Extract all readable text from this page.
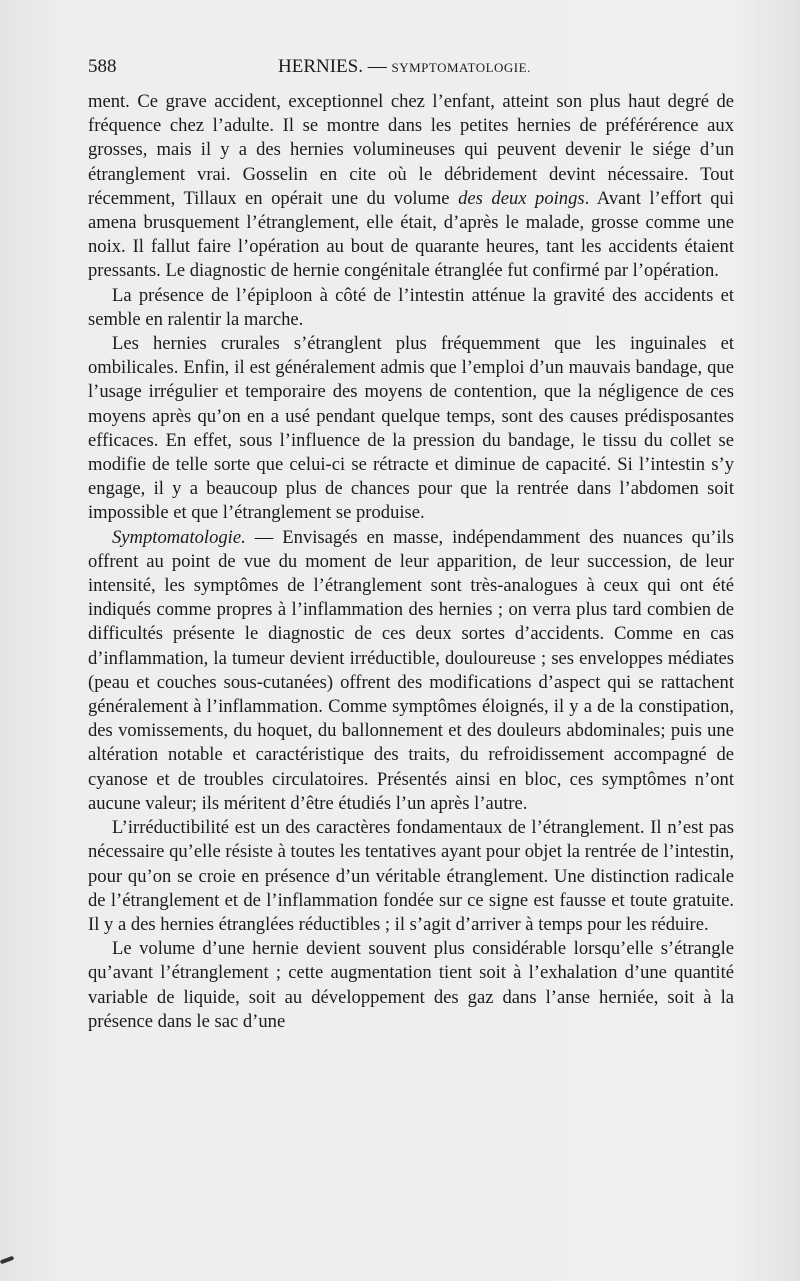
588	HERNIES. — SYMPTOMATOLOGIE.

ment. Ce grave accident, exceptionnel chez l’enfant, atteint son plus haut degré de fréquence chez l’adulte. Il se montre dans les petites hernies de préférérence aux grosses, mais il y a des hernies volumineuses qui peuvent devenir le siége d’un étranglement vrai. Gosselin en cite où le débridement devint nécessaire. Tout récemment, Tillaux en opérait une du volume des deux poings. Avant l’effort qui amena brusquement l’étranglement, elle était, d’après le malade, grosse comme une noix. Il fallut faire l’opération au bout de quarante heures, tant les accidents étaient pressants. Le diagnostic de hernie congénitale étranglée fut confirmé par l’opération.

La présence de l’épiploon à côté de l’intestin atténue la gravité des accidents et semble en ralentir la marche.

Les hernies crurales s’étranglent plus fréquemment que les inguinales et ombilicales. Enfin, il est généralement admis que l’emploi d’un mauvais bandage, que l’usage irrégulier et temporaire des moyens de contention, que la négligence de ces moyens après qu’on en a usé pendant quelque temps, sont des causes prédisposantes efficaces. En effet, sous l’influence de la pression du bandage, le tissu du collet se modifie de telle sorte que celui-ci se rétracte et diminue de capacité. Si l’intestin s’y engage, il y a beaucoup plus de chances pour que la rentrée dans l’abdomen soit impossible et que l’étranglement se produise.

Symptomatologie. — Envisagés en masse, indépendamment des nuances qu’ils offrent au point de vue du moment de leur apparition, de leur succession, de leur intensité, les symptômes de l’étranglement sont très-analogues à ceux qui ont été indiqués comme propres à l’inflammation des hernies ; on verra plus tard combien de difficultés présente le diagnostic de ces deux sortes d’accidents. Comme en cas d’inflammation, la tumeur devient irréductible, douloureuse ; ses enveloppes médiates (peau et couches sous-cutanées) offrent des modifications d’aspect qui se rattachent généralement à l’inflammation. Comme symptômes éloignés, il y a de la constipation, des vomissements, du hoquet, du ballonnement et des douleurs abdominales; puis une altération notable et caractéristique des traits, du refroidissement accompagné de cyanose et de troubles circulatoires. Présentés ainsi en bloc, ces symptômes n’ont aucune valeur; ils méritent d’être étudiés l’un après l’autre.

L’irréductibilité est un des caractères fondamentaux de l’étranglement. Il n’est pas nécessaire qu’elle résiste à toutes les tentatives ayant pour objet la rentrée de l’intestin, pour qu’on se croie en présence d’un véritable étranglement. Une distinction radicale de l’étranglement et de l’inflammation fondée sur ce signe est fausse et toute gratuite. Il y a des hernies étranglées réductibles ; il s’agit d’arriver à temps pour les réduire.

Le volume d’une hernie devient souvent plus considérable lorsqu’elle s’étrangle qu’avant l’étranglement ; cette augmentation tient soit à l’exhalation d’une quantité variable de liquide, soit au développement des gaz dans l’anse herniée, soit à la présence dans le sac d’une
